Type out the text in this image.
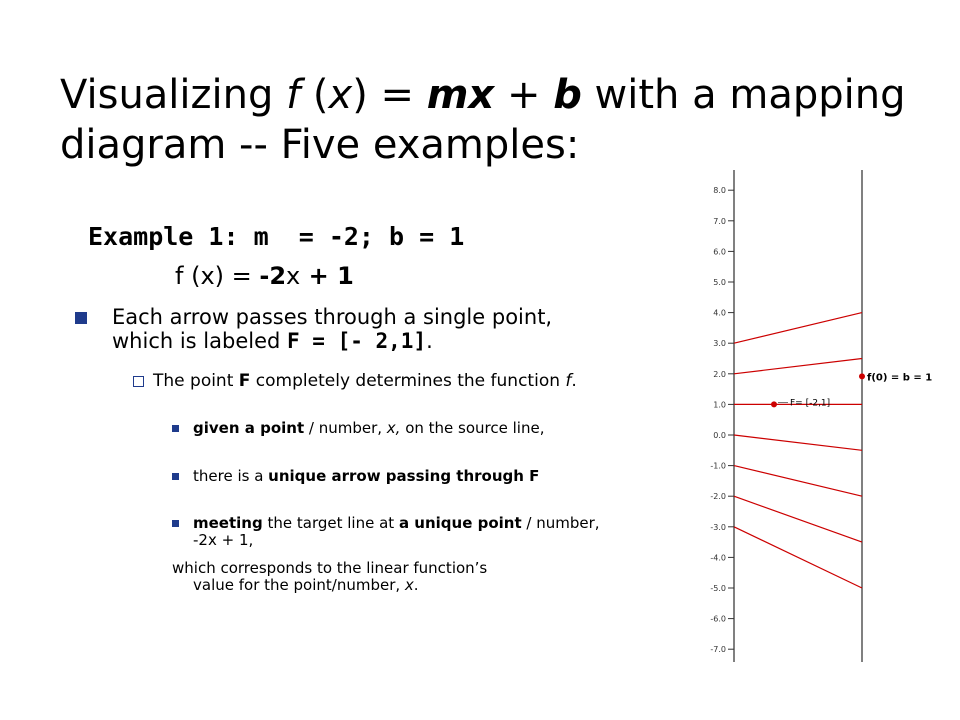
Visualizing f (x) = mx + b with a mapping diagram -- Five examples:
Example 1: m  = -2; b = 1
f (x) = -2x + 1
Each arrow passes through a single point, which is labeled F = [- 2,1].
The point F completely determines the function f.
given a point / number, x, on the source line,
there is a unique arrow passing through F
meeting the target line at a unique point / number, -2x + 1,
which corresponds to the linear function’s
value for the point/number, x.
8.0
7.0
6.0
5.0
4.0
3.0
2.0
1.0
0.0
-1.0
-2.0
-3.0
-4.0
-5.0
-6.0
-7.0
F= [-2,1]
f(0) = b = 1
